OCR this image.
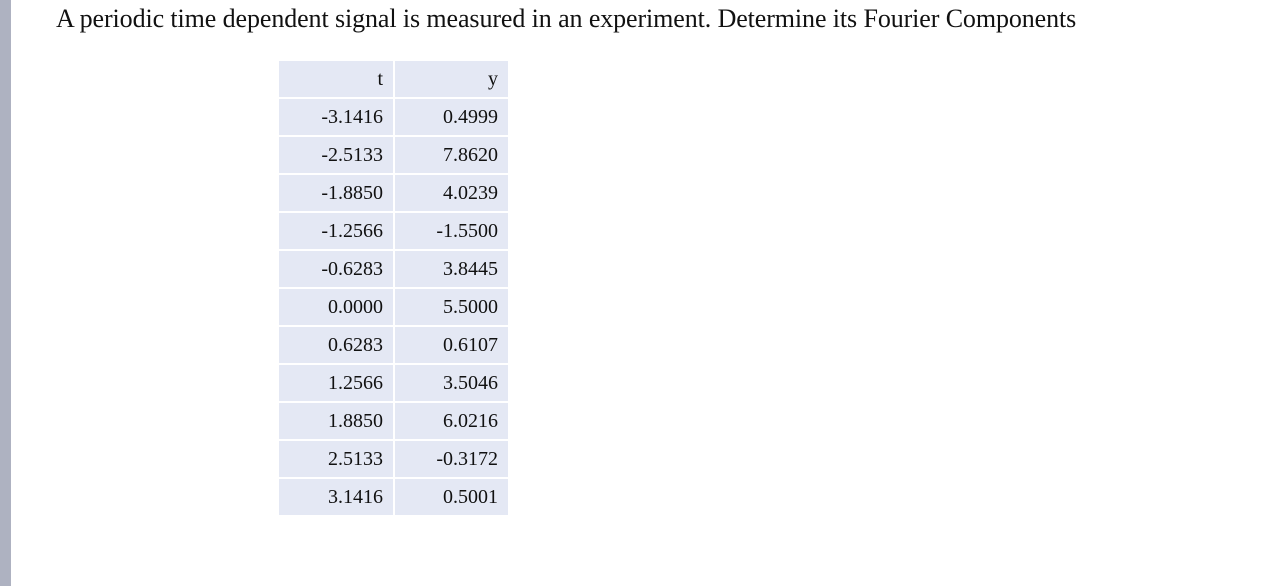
A periodic time dependent signal is measured in an experiment. Determine its Fourier Components
t	y
-3.1416	0.4999
-2.5133	7.8620
-1.8850	4.0239
-1.2566	-1.5500
-0.6283	3.8445
0.0000	5.5000
0.6283	0.6107
1.2566	3.5046
1.8850	6.0216
2.5133	-0.3172
3.1416	0.5001
